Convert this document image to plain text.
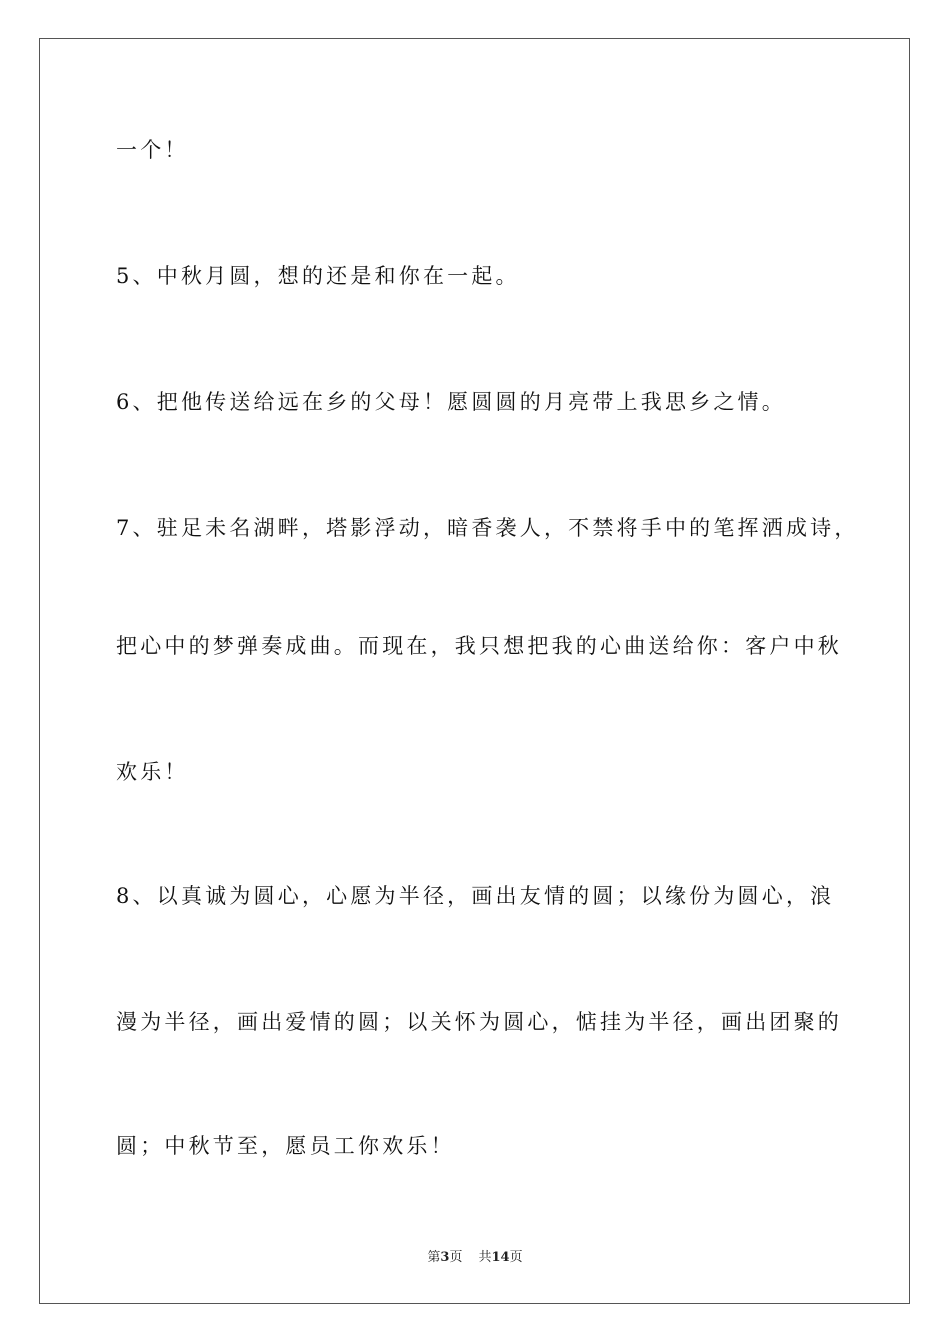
一个！
5、中秋月圆，想的还是和你在一起。
6、把他传送给远在乡的父母！愿圆圆的月亮带上我思乡之情。
7、驻足未名湖畔，塔影浮动，暗香袭人，不禁将手中的笔挥洒成诗，
把心中的梦弹奏成曲。而现在，我只想把我的心曲送给你：客户中秋
欢乐！
8、以真诚为圆心，心愿为半径，画出友情的圆；以缘份为圆心，浪
漫为半径，画出爱情的圆；以关怀为圆心，惦挂为半径，画出团聚的
圆；中秋节至，愿员工你欢乐！
第3页 共14页
